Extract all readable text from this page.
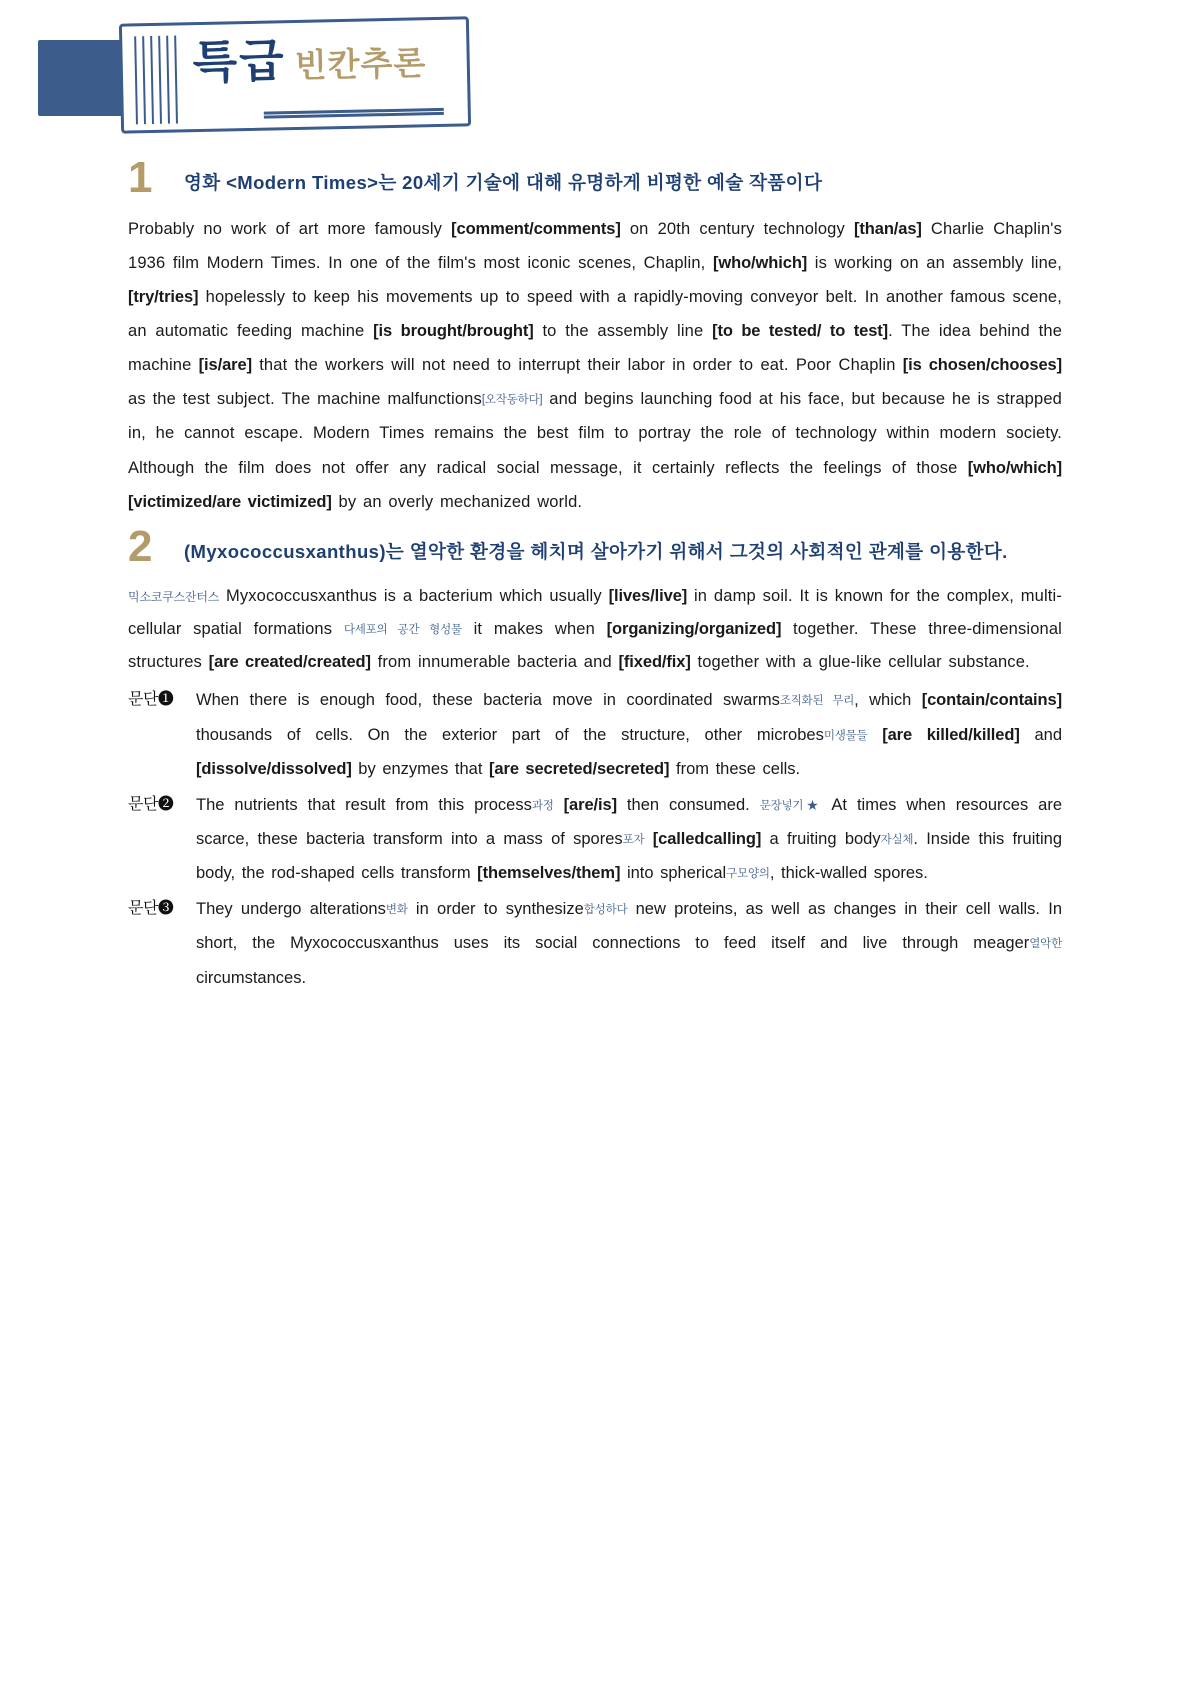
특급 빈칸추론
1	영화 <Modern Times>는 20세기 기술에 대해 유명하게 비평한 예술 작품이다

Probably no work of art more famously [comment/comments] on 20th century technology [than/as] Charlie Chaplin's 1936 film Modern Times. In one of the film's most iconic scenes, Chaplin, [who/which] is working on an assembly line, [try/tries] hopelessly to keep his movements up to speed with a rapidly-moving conveyor belt. In another famous scene, an automatic feeding machine [is brought/brought] to the assembly line [to be tested/ to test]. The idea behind the machine [is/are] that the workers will not need to interrupt their labor in order to eat. Poor Chaplin [is chosen/chooses] as the test subject. The machine malfunctions[오작동하다] and begins launching food at his face, but because he is strapped in, he cannot escape. Modern Times remains the best film to portray the role of technology within modern society. Although the film does not offer any radical social message, it certainly reflects the feelings of those [who/which] [victimized/are victimized] by an overly mechanized world.

2	(Myxococcusxanthus)는 열악한 환경을 헤치며 살아가기 위해서 그것의 사회적인 관계를 이용한다.

믹소코쿠스잔터스 Myxococcusxanthus is a bacterium which usually [lives/live] in damp soil. It is known for the complex, multi-cellular spatial formations 다세포의 공간 형성물 it makes when [organizing/organized] together. These three-dimensional structures [are created/created] from innumerable bacteria and [fixed/fix] together with a glue-like cellular substance.

문단❶	When there is enough food, these bacteria move in coordinated swarms조직화된 무리, which [contain/contains] thousands of cells. On the exterior part of the structure, other microbes미생물들 [are killed/killed] and [dissolve/dissolved] by enzymes that [are secreted/secreted] from these cells.
문단❷	The nutrients that result from this process과정 [are/is] then consumed. 문장넣기★ At times when resources are scarce, these bacteria transform into a mass of spores포자 [calledcalling] a fruiting body자실체. Inside this fruiting body, the rod-shaped cells transform [themselves/them] into spherical구모양의, thick-walled spores.
문단❸	They undergo alterations변화 in order to synthesize합성하다 new proteins, as well as changes in their cell walls. In short, the Myxococcusxanthus uses its social connections to feed itself and live through meager열악한 circumstances.
